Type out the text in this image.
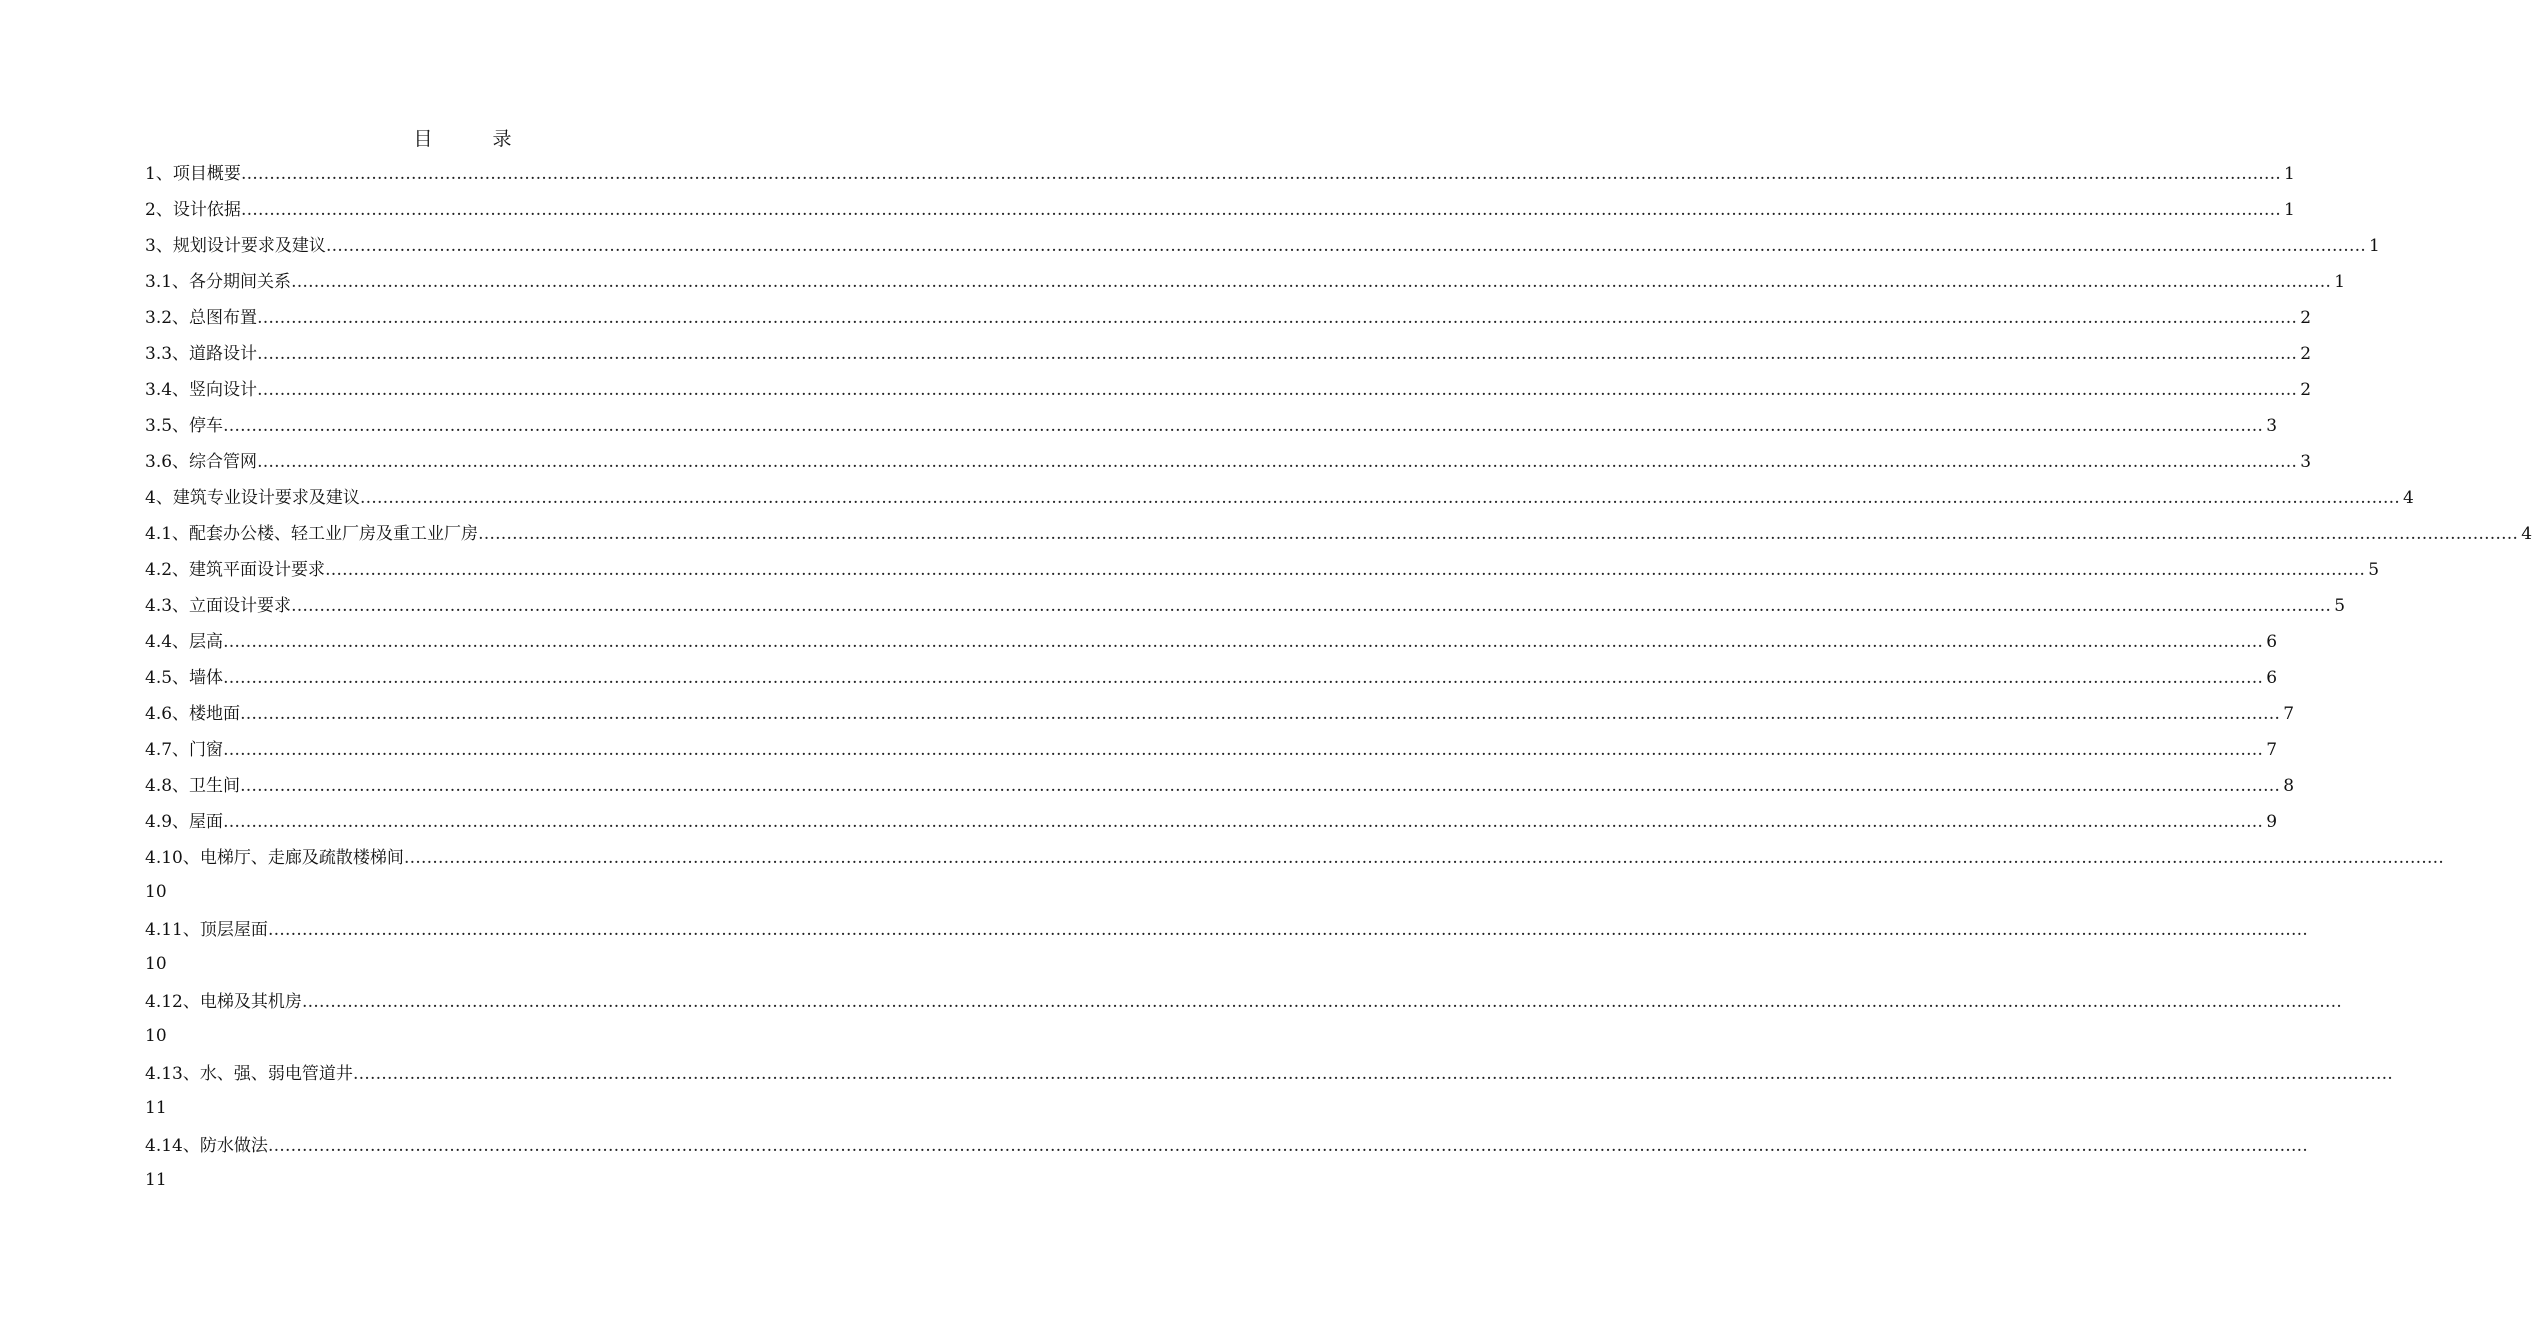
目录
1、项目概要 ……………………………………………………………………………………………………………………………………………………………………………………………………………………………………………………………………………………………………………………………… 1
2、设计依据 ……………………………………………………………………………………………………………………………………………………………………………………………………………………………………………………………………………………………………………………………… 1
3、规划设计要求及建议 ……………………………………………………………………………………………………………………………………………………………………………………………………………………………………………………………………………………………………………………………… 1
3.1、各分期间关系 ……………………………………………………………………………………………………………………………………………………………………………………………………………………………………………………………………………………………………………………………… 1
3.2、总图布置 ……………………………………………………………………………………………………………………………………………………………………………………………………………………………………………………………………………………………………………………………… 2
3.3、道路设计 ……………………………………………………………………………………………………………………………………………………………………………………………………………………………………………………………………………………………………………………………… 2
3.4、竖向设计 ……………………………………………………………………………………………………………………………………………………………………………………………………………………………………………………………………………………………………………………………… 2
3.5、停车 ……………………………………………………………………………………………………………………………………………………………………………………………………………………………………………………………………………………………………………………………… 3
3.6、综合管网 ……………………………………………………………………………………………………………………………………………………………………………………………………………………………………………………………………………………………………………………………… 3
4、建筑专业设计要求及建议 ……………………………………………………………………………………………………………………………………………………………………………………………………………………………………………………………………………………………………………………………… 4
4.1、配套办公楼、轻工业厂房及重工业厂房 ……………………………………………………………………………………………………………………………………………………………………………………………………………………………………………………………………………………………………………………………… 4
4.2、建筑平面设计要求 ……………………………………………………………………………………………………………………………………………………………………………………………………………………………………………………………………………………………………………………………… 5
4.3、立面设计要求 ……………………………………………………………………………………………………………………………………………………………………………………………………………………………………………………………………………………………………………………………… 5
4.4、层高 ……………………………………………………………………………………………………………………………………………………………………………………………………………………………………………………………………………………………………………………………… 6
4.5、墙体 ……………………………………………………………………………………………………………………………………………………………………………………………………………………………………………………………………………………………………………………………… 6
4.6、楼地面 ……………………………………………………………………………………………………………………………………………………………………………………………………………………………………………………………………………………………………………………………… 7
4.7、门窗 ……………………………………………………………………………………………………………………………………………………………………………………………………………………………………………………………………………………………………………………………… 7
4.8、卫生间 ……………………………………………………………………………………………………………………………………………………………………………………………………………………………………………………………………………………………………………………………… 8
4.9、屋面 ……………………………………………………………………………………………………………………………………………………………………………………………………………………………………………………………………………………………………………………………… 9
4.10、电梯厅、走廊及疏散楼梯间 ………………………………………………………………………………………………………………………………………………………………………………………………………………………………………………………………………………………………………………………………
10
4.11、顶层屋面 ………………………………………………………………………………………………………………………………………………………………………………………………………………………………………………………………………………………………………………………………
10
4.12、电梯及其机房 ………………………………………………………………………………………………………………………………………………………………………………………………………………………………………………………………………………………………………………………………
10
4.13、水、强、弱电管道井 ………………………………………………………………………………………………………………………………………………………………………………………………………………………………………………………………………………………………………………………………
11
4.14、防水做法 ………………………………………………………………………………………………………………………………………………………………………………………………………………………………………………………………………………………………………………………………
11
